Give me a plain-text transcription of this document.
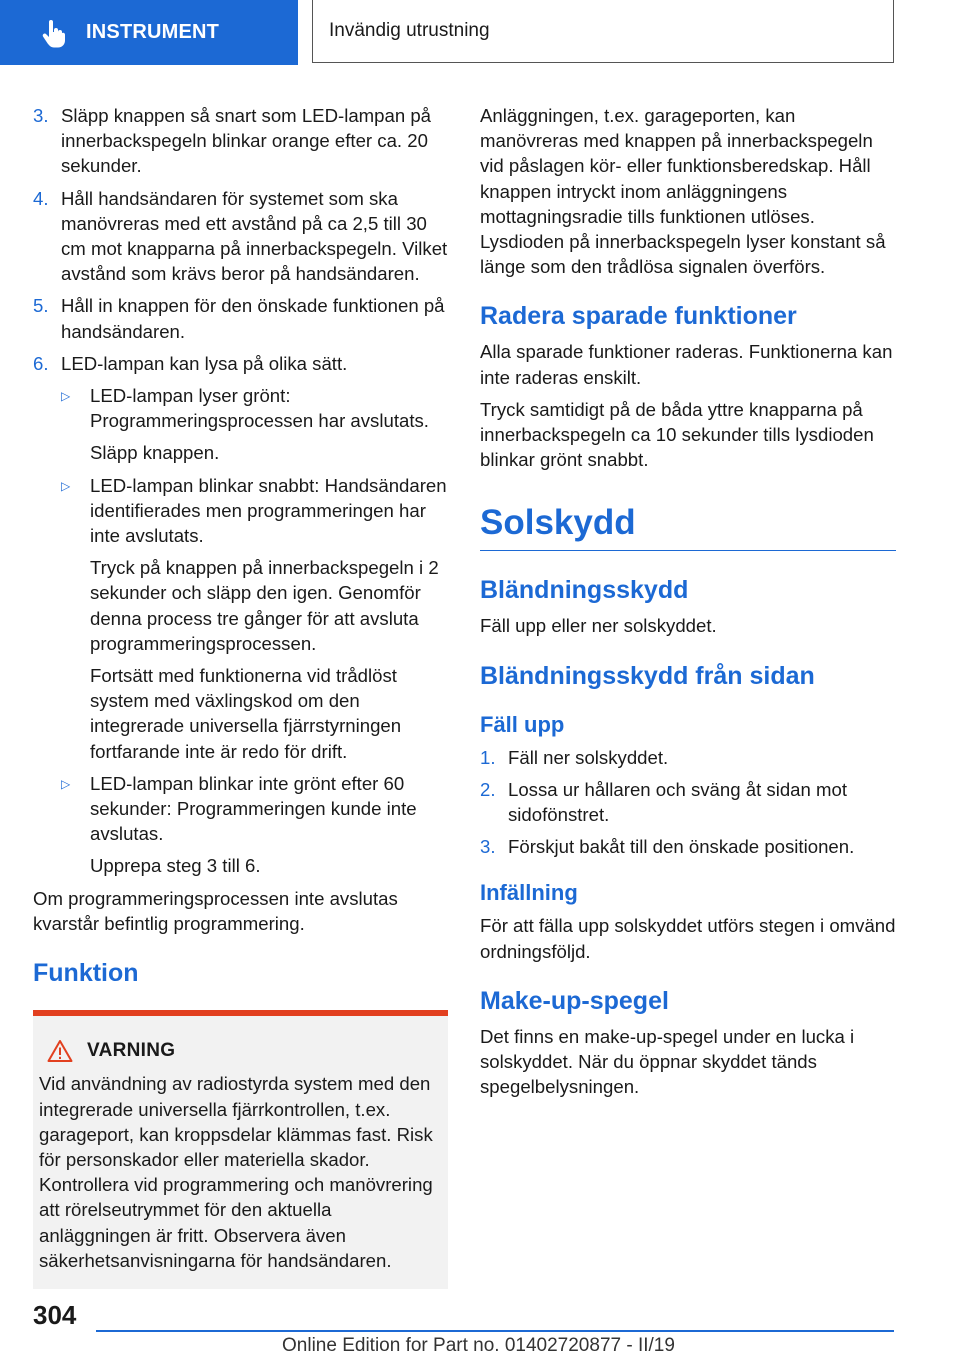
INSTRUMENT	Invändig utrustning
3. Släpp knappen så snart som LED-lampan på innerbackspegeln blinkar orange efter ca. 20 sekunder.
4. Håll handsändaren för systemet som ska manövreras med ett avstånd på ca 2,5 till 30 cm mot knapparna på innerbackspegeln. Vilket avstånd som krävs beror på handsändaren.
5. Håll in knappen för den önskade funktionen på handsändaren.
6. LED-lampan kan lysa på olika sätt.
▷	LED-lampan lyser grönt: Programmeringsprocessen har avslutats.
Släpp knappen.
▷	LED-lampan blinkar snabbt: Handsändaren identifierades men programmeringen har inte avslutats.
Tryck på knappen på innerbackspegeln i 2 sekunder och släpp den igen. Genomför denna process tre gånger för att avsluta programmeringsprocessen.
Fortsätt med funktionerna vid trådlöst system med växlingskod om den integrerade universella fjärrstyrningen fortfarande inte är redo för drift.
▷	LED-lampan blinkar inte grönt efter 60 sekunder: Programmeringen kunde inte avslutas.
Upprepa steg 3 till 6.

Om programmeringsprocessen inte avslutas kvarstår befintlig programmering.

Funktion
VARNING
Vid användning av radiostyrda system med den integrerade universella fjärrkontrollen, t.ex. garageport, kan kroppsdelar klämmas fast. Risk för personskador eller materiella skador. Kontrollera vid programmering och manövrering att rörelseutrymmet för den aktuella anläggningen är fritt. Observera även säkerhetsanvisningarna för handsändaren.

Anläggningen, t.ex. garageporten, kan manövreras med knappen på innerbackspegeln vid påslagen kör- eller funktionsberedskap. Håll knappen intryckt inom anläggningens mottagningsradie tills funktionen utlöses. Lysdioden på innerbackspegeln lyser konstant så länge som den trådlösa signalen överförs.

Radera sparade funktioner

Alla sparade funktioner raderas. Funktionerna kan inte raderas enskilt.

Tryck samtidigt på de båda yttre knapparna på innerbackspegeln ca 10 sekunder tills lysdioden blinkar grönt snabbt.

Solskydd
Bländningsskydd

Fäll upp eller ner solskyddet.

Bländningsskydd från sidan
Fäll upp
1. Fäll ner solskyddet.
2. Lossa ur hållaren och sväng åt sidan mot sidofönstret.
3. Förskjut bakåt till den önskade positionen.
Infällning

För att fälla upp solskyddet utförs stegen i omvänd ordningsföljd.

Make-up-spegel

Det finns en make-up-spegel under en lucka i solskyddet. När du öppnar skyddet tänds spegelbelysningen.

304
Online Edition for Part no. 01402720877 - II/19
